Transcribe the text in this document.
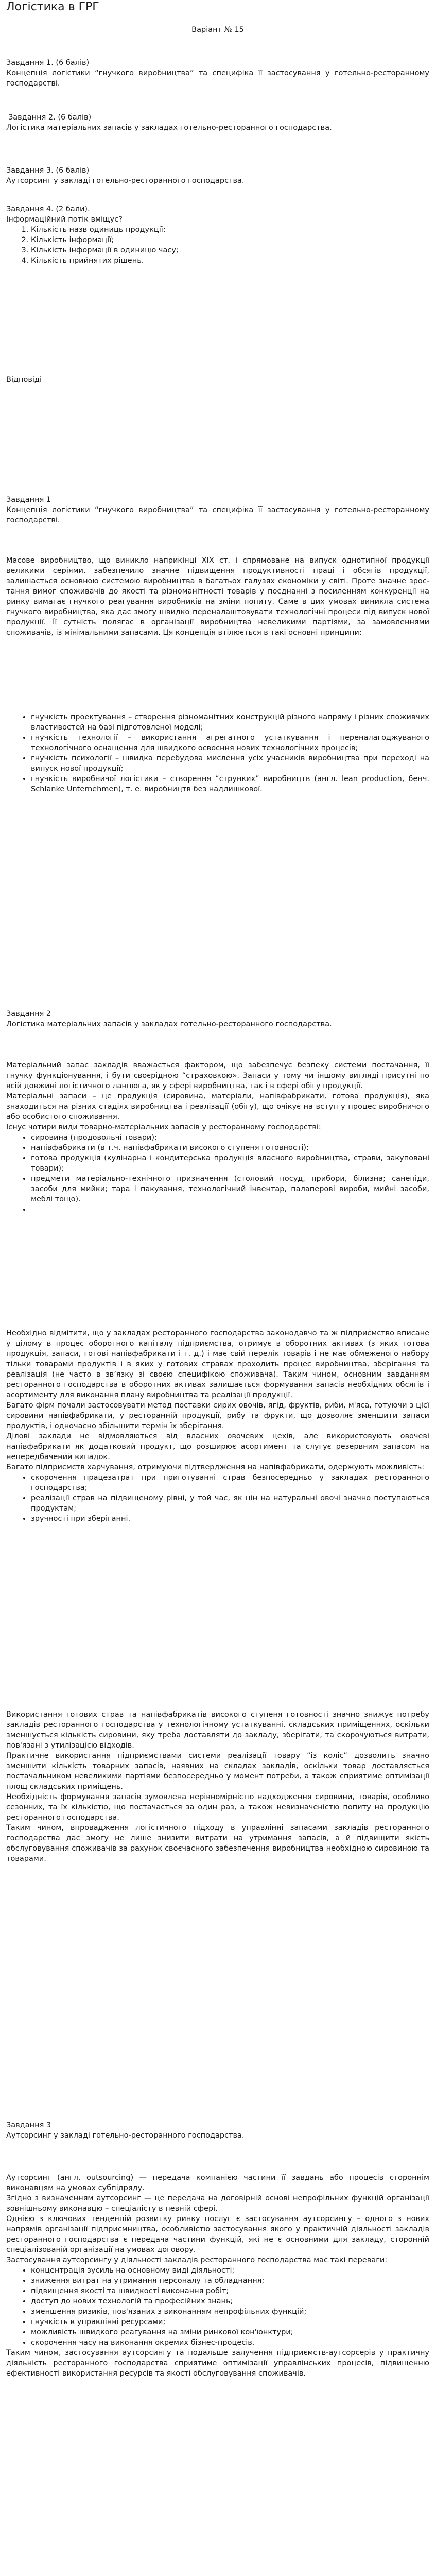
Логістика в ГРГ
Варіант № 15

Завдання 1. (6 балів)

Концепція логістики “гнучкого виробництва” та специфіка її застосування у готельно-ресторанному господарстві.

Завдання 2. (6 балів)

Логістика матеріальних запасів у закладах готельно-ресторанного господарства.

Завдання 3. (6 балів)

Аутсорсинг у закладі готельно-ресторанного господарства.

Завдання 4. (2 бали).

Інформаційний потік вміщує?

1. Кількість назв одиниць продукції;
2. Кількість інформації;
3. Кількість інформації в одиницю часу;
4. Кількість прийнятих рішень.

Відповіді

Завдання 1

Концепція логістики “гнучкого виробництва” та специфіка її застосування у готельно-ресторанному господарстві.

Масове виробництво, що виникло наприкінці XIX ст. і спрямоване на випуск однотипної продукції великими серіями, забезпечило значне підвищення продуктивності праці і обсягів продукції, залишається основною системою виробництва в багатьох галузях економіки у світі. Проте значне зростання вимог споживачів до якості та різноманітності товарів у поєднанні з посиленням конкуренції на ринку вимагає гнучкого реагування виробників на зміни попиту. Саме в цих умовах виникла система гнучкого виробництва, яка дає змогу швидко переналаштовувати технологічні процеси під випуск нової продукції. Її сутність полягає в організації виробництва невеликими партіями, за замовленнями споживачів, із мінімальними запасами. Ця концепція втілюється в такі основні принципи:

• гнучкість проектування – створення різноманітних конструкцій різного напряму і різних споживчих властивостей на базі підготовленої моделі;
• гнучкість технології – використання агрегатного устаткування і переналагоджуваного технологічного оснащення для швидкого освоєння нових технологічних процесів;
• гнучкість психології – швидка перебудова мислення усіх учасників виробництва при переході на випуск нової продукції;
• гнучкість виробничої логістики – створення “струнких” виробництв (англ. lean production, бенч. Schlanke Unternehmen), т. е. виробництв без надлишкової.

Завдання 2

Логістика матеріальних запасів у закладах готельно-ресторанного господарства.

Матеріальний запас закладів вважається фактором, що забезпечує безпеку системи постачання, її гнучку функціонування, і бути своєрідною “страховкою». Запаси у тому чи іншому вигляді присутні по всій довжині логістичного ланцюга, як у сфері виробництва, так і в сфері обігу продукції.

Матеріальні запаси – це продукція (сировина, матеріали, напівфабрикати, готова продукція), яка знаходиться на різних стадіях виробництва і реалізації (обігу), що очікує на вступ у процес виробничого або особистого споживання.

Існує чотири види товарно-матеріальних запасів у ресторанному господарстві:

• сировина (продовольчі товари);
• напівфабрикати (в т.ч. напівфабрикати високого ступеня готовності);
• готова продукція (кулінарна і кондитерська продукція власного виробництва, страви, закуповані товари);
• предмети матеріально-технічного призначення (столовий посуд, прибори, білизна; санепіди, засоби для мийки; тара і пакування, технологічний інвентар, палаперові вироби, мийні засоби, меблі тощо).
•

Необхідно відмітити, що у закладах ресторанного господарства законодавчо та ж підприємство вписане у цілому в процес оборотного капіталу підприємства, отримує в оборотних активах (з яких готова продукція, запаси, готові напівфабрикати і т. д.) і має свій перелік товарів і не має обмеженого набору тільки товарами продуктів і в яких у готових стравах проходить процес виробництва, зберігання та реалізація (не часто в зв’язку зі своєю специфікою споживача). Таким чином, основним завданням ресторанного господарства в оборотних активах залишається формування запасів необхідних обсягів і асортименту для виконання плану виробництва та реалізації продукції.

Багато фірм почали застосовувати метод поставки сирих овочів, ягід, фруктів, риби, м'яса, готуючи з цієї сировини напівфабрикати, у ресторанній продукції, рибу та фрукти, що дозволяє зменшити запаси продуктів, і одночасно збільшити термін їх зберігання.

Ділові заклади не відмовляються від власних овочевих цехів, але використовують овочеві напівфабрикати як додатковий продукт, що розширює асортимент та слугує резервним запасом на непередбачений випадок.

Багато підприємств харчування, отримуючи підтвердження на напівфабрикати, одержують можливість:

• скорочення працезатрат при приготуванні страв безпосередньо у закладах ресторанного господарства;
• реалізації страв на підвищеному рівні, у той час, як цін на натуральні овочі значно поступаються продуктам;
• зручності при зберіганні.

Використання готових страв та напівфабрикатів високого ступеня готовності значно знижує потребу закладів ресторанного господарства у технологічному устаткуванні, складських приміщеннях, оскільки зменшується кількість сировини, яку треба доставляти до закладу, зберігати, та скорочуються витрати, пов'язані з утилізацією відходів.

Практичне використання підприємствами системи реалізації товару “із коліс” дозволить значно зменшити кількість товарних запасів, наявних на складах закладів, оскільки товар доставляється постачальником невеликими партіями безпосередньо у момент потреби, а також сприятиме оптимізації площ складських приміщень.

Необхідність формування запасів зумовлена нерівномірністю надходження сировини, товарів, особливо сезонних, та їх кількістю, що постачається за один раз, а також невизначеністю попиту на продукцію ресторанного господарства.

Таким чином, впровадження логістичного підходу в управлінні запасами закладів ресторанного господарства дає змогу не лише знизити витрати на утримання запасів, а й підвищити якість обслуговування споживачів за рахунок своєчасного забезпечення виробництва необхідною сировиною та товарами.

Завдання 3

Аутсорсинг у закладі готельно-ресторанного господарства.

Аутсорсинг (англ. outsourcing) — передача компанією частини її завдань або процесів стороннім виконавцям на умовах субпідряду.

Згідно з визначенням аутсорсинг — це передача на договірній основі непрофільних функцій організації зовнішньому виконавцю – спеціалісту в певній сфері.

Однією з ключових тенденцій розвитку ринку послуг є застосування аутсорсингу – одного з нових напрямів організації підприємництва, особливістю застосування якого у практичній діяльності закладів ресторанного господарства є передача частини функцій, які не є основними для закладу, сторонній спеціалізованій організації на умовах договору.

Застосування аутсорсингу у діяльності закладів ресторанного господарства має такі переваги:

• концентрація зусиль на основному виді діяльності;
• зниження витрат на утримання персоналу та обладнання;
• підвищення якості та швидкості виконання робіт;
• доступ до нових технологій та професійних знань;
• зменшення ризиків, пов'язаних з виконанням непрофільних функцій;
• гнучкість в управлінні ресурсами;
• можливість швидкого реагування на зміни ринкової кон'юнктури;
• скорочення часу на виконання окремих бізнес-процесів.

Таким чином, застосування аутсорсингу та подальше залучення підприємств-аутсорсерів у практичну діяльність ресторанного господарства сприятиме оптимізації управлінських процесів, підвищенню ефективності використання ресурсів та якості обслуговування споживачів.
